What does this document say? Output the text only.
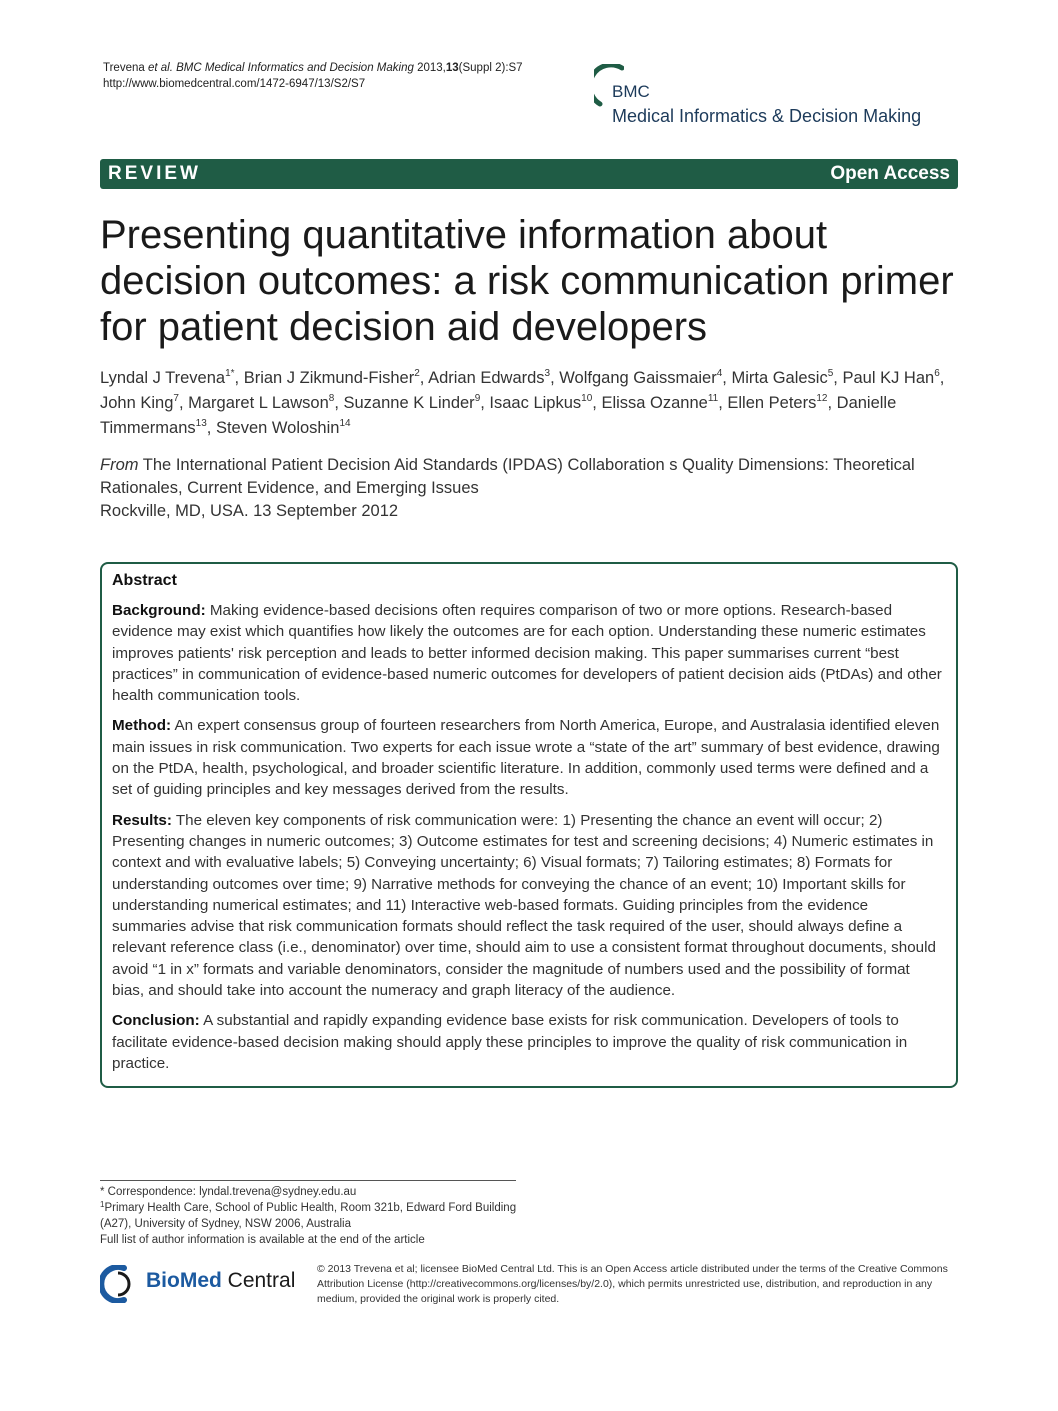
Trevena et al. BMC Medical Informatics and Decision Making 2013,13(Suppl 2):S7
http://www.biomedcentral.com/1472-6947/13/S2/S7	BMC
Medical Informatics & Decision Making
REVIEW	Open Access
Presenting quantitative information about decision outcomes: a risk communication primer for patient decision aid developers
Lyndal J Trevena$^{1*}$, Brian J Zikmund-Fisher$^2$, Adrian Edwards$^3$, Wolfgang Gaissmaier$^4$, Mirta Galesic$^5$, Paul KJ Han$^6$, John King$^7$, Margaret L Lawson$^8$, Suzanne K Linder$^9$, Isaac Lipkus$^{10}$, Elissa Ozanne$^{11}$, Ellen Peters$^{12}$, Danielle Timmermans$^{13}$, Steven Woloshin$^{14}$
From The International Patient Decision Aid Standards (IPDAS) Collaboration s Quality Dimensions: Theoretical Rationales, Current Evidence, and Emerging Issues
Rockville, MD, USA. 13 September 2012
Abstract

Background: Making evidence-based decisions often requires comparison of two or more options. Research-based evidence may exist which quantifies how likely the outcomes are for each option. Understanding these numeric estimates improves patients' risk perception and leads to better informed decision making. This paper summarises current “best practices” in communication of evidence-based numeric outcomes for developers of patient decision aids (PtDAs) and other health communication tools.

Method: An expert consensus group of fourteen researchers from North America, Europe, and Australasia identified eleven main issues in risk communication. Two experts for each issue wrote a “state of the art” summary of best evidence, drawing on the PtDA, health, psychological, and broader scientific literature. In addition, commonly used terms were defined and a set of guiding principles and key messages derived from the results.

Results: The eleven key components of risk communication were: 1) Presenting the chance an event will occur; 2) Presenting changes in numeric outcomes; 3) Outcome estimates for test and screening decisions; 4) Numeric estimates in context and with evaluative labels; 5) Conveying uncertainty; 6) Visual formats; 7) Tailoring estimates; 8) Formats for understanding outcomes over time; 9) Narrative methods for conveying the chance of an event; 10) Important skills for understanding numerical estimates; and 11) Interactive web-based formats. Guiding principles from the evidence summaries advise that risk communication formats should reflect the task required of the user, should always define a relevant reference class (i.e., denominator) over time, should aim to use a consistent format throughout documents, should avoid “1 in x” formats and variable denominators, consider the magnitude of numbers used and the possibility of format bias, and should take into account the numeracy and graph literacy of the audience.

Conclusion: A substantial and rapidly expanding evidence base exists for risk communication. Developers of tools to facilitate evidence-based decision making should apply these principles to improve the quality of risk communication in practice.

* Correspondence: lyndal.trevena@sydney.edu.au
$^1$Primary Health Care, School of Public Health, Room 321b, Edward Ford Building (A27), University of Sydney, NSW 2006, Australia
Full list of author information is available at the end of the article
BioMed Central © 2013 Trevena et al; licensee BioMed Central Ltd. This is an Open Access article distributed under the terms of the Creative Commons Attribution License (http://creativecommons.org/licenses/by/2.0), which permits unrestricted use, distribution, and reproduction in any medium, provided the original work is properly cited.
